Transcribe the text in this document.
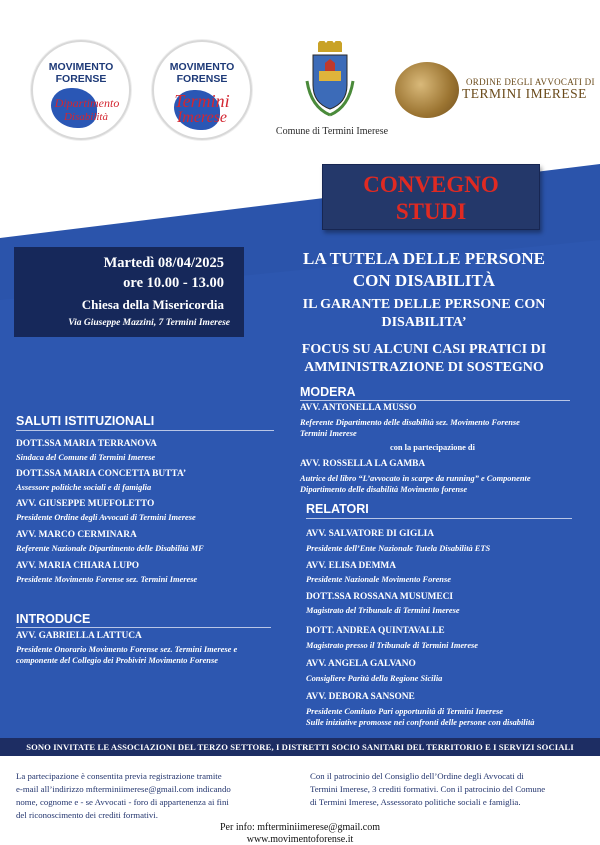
MOVIMENTO
FORENSE
Dipartimento
Disabilità
MOVIMENTO
FORENSE
Termini
Imerese
Comune di Termini Imerese
ORDINE DEGLI AVVOCATI DI
TERMINI IMERESE
CONVEGNO
STUDI
Martedì 08/04/2025
ore 10.00 - 13.00
Chiesa della Misericordia
Via Giuseppe Mazzini, 7 Termini Imerese
LA TUTELA DELLE PERSONE
CON DISABILITÀ
IL GARANTE DELLE PERSONE CON
DISABILITA’
FOCUS SU ALCUNI CASI PRATICI DI
AMMINISTRAZIONE DI SOSTEGNO
MODERA
AVV. ANTONELLA MUSSO
Referente Dipartimento delle disabilità sez. Movimento Forense
Termini Imerese
con la partecipazione di
AVV. ROSSELLA LA GAMBA
Autrice del libro “L’avvocato in scarpe da running” e Componente
Dipartimento delle disabilità Movimento forense
RELATORI
AVV. SALVATORE DI GIGLIA
Presidente dell’Ente Nazionale Tutela Disabilità ETS
AVV. ELISA DEMMA
Presidente Nazionale Movimento Forense
DOTT.SSA ROSSANA MUSUMECI
Magistrato del Tribunale di Termini Imerese
DOTT. ANDREA QUINTAVALLE
Magistrato presso il Tribunale di Termini Imerese
AVV. ANGELA GALVANO
Consigliere Parità della Regione Sicilia
AVV. DEBORA SANSONE
Presidente Comitato Pari opportunità di Termini Imerese
Sulle iniziative promosse nei confronti delle persone con disabilità
SALUTI ISTITUZIONALI
DOTT.SSA MARIA TERRANOVA
Sindaca del Comune di Termini Imerese
DOTT.SSA MARIA CONCETTA BUTTA’
Assessore politiche sociali e di famiglia
AVV. GIUSEPPE MUFFOLETTO
Presidente Ordine degli Avvocati di Termini Imerese
AVV. MARCO CERMINARA
Referente Nazionale Dipartimento delle Disabilità MF
AVV. MARIA CHIARA LUPO
Presidente Movimento Forense sez. Termini Imerese
INTRODUCE
AVV. GABRIELLA LATTUCA
Presidente Onorario Movimento Forense sez. Termini Imerese e
componente del Collegio dei Probiviri Movimento Forense
SONO INVITATE LE ASSOCIAZIONI DEL TERZO SETTORE, I DISTRETTI SOCIO SANITARI DEL TERRITORIO E I SERVIZI SOCIALI
La partecipazione è consentita previa registrazione tramite
e-mail all’indirizzo mfterminiimerese@gmail.com indicando
nome, cognome e - se Avvocati - foro di appartenenza ai fini
del riconoscimento dei crediti formativi.
Con il patrocinio del Consiglio dell’Ordine degli Avvocati di
Termini Imerese, 3 crediti formativi. Con il patrocinio del Comune
di Termini Imerese, Assessorato politiche sociali e famiglia.
Per info: mfterminiimerese@gmail.com
www.movimentoforense.it
